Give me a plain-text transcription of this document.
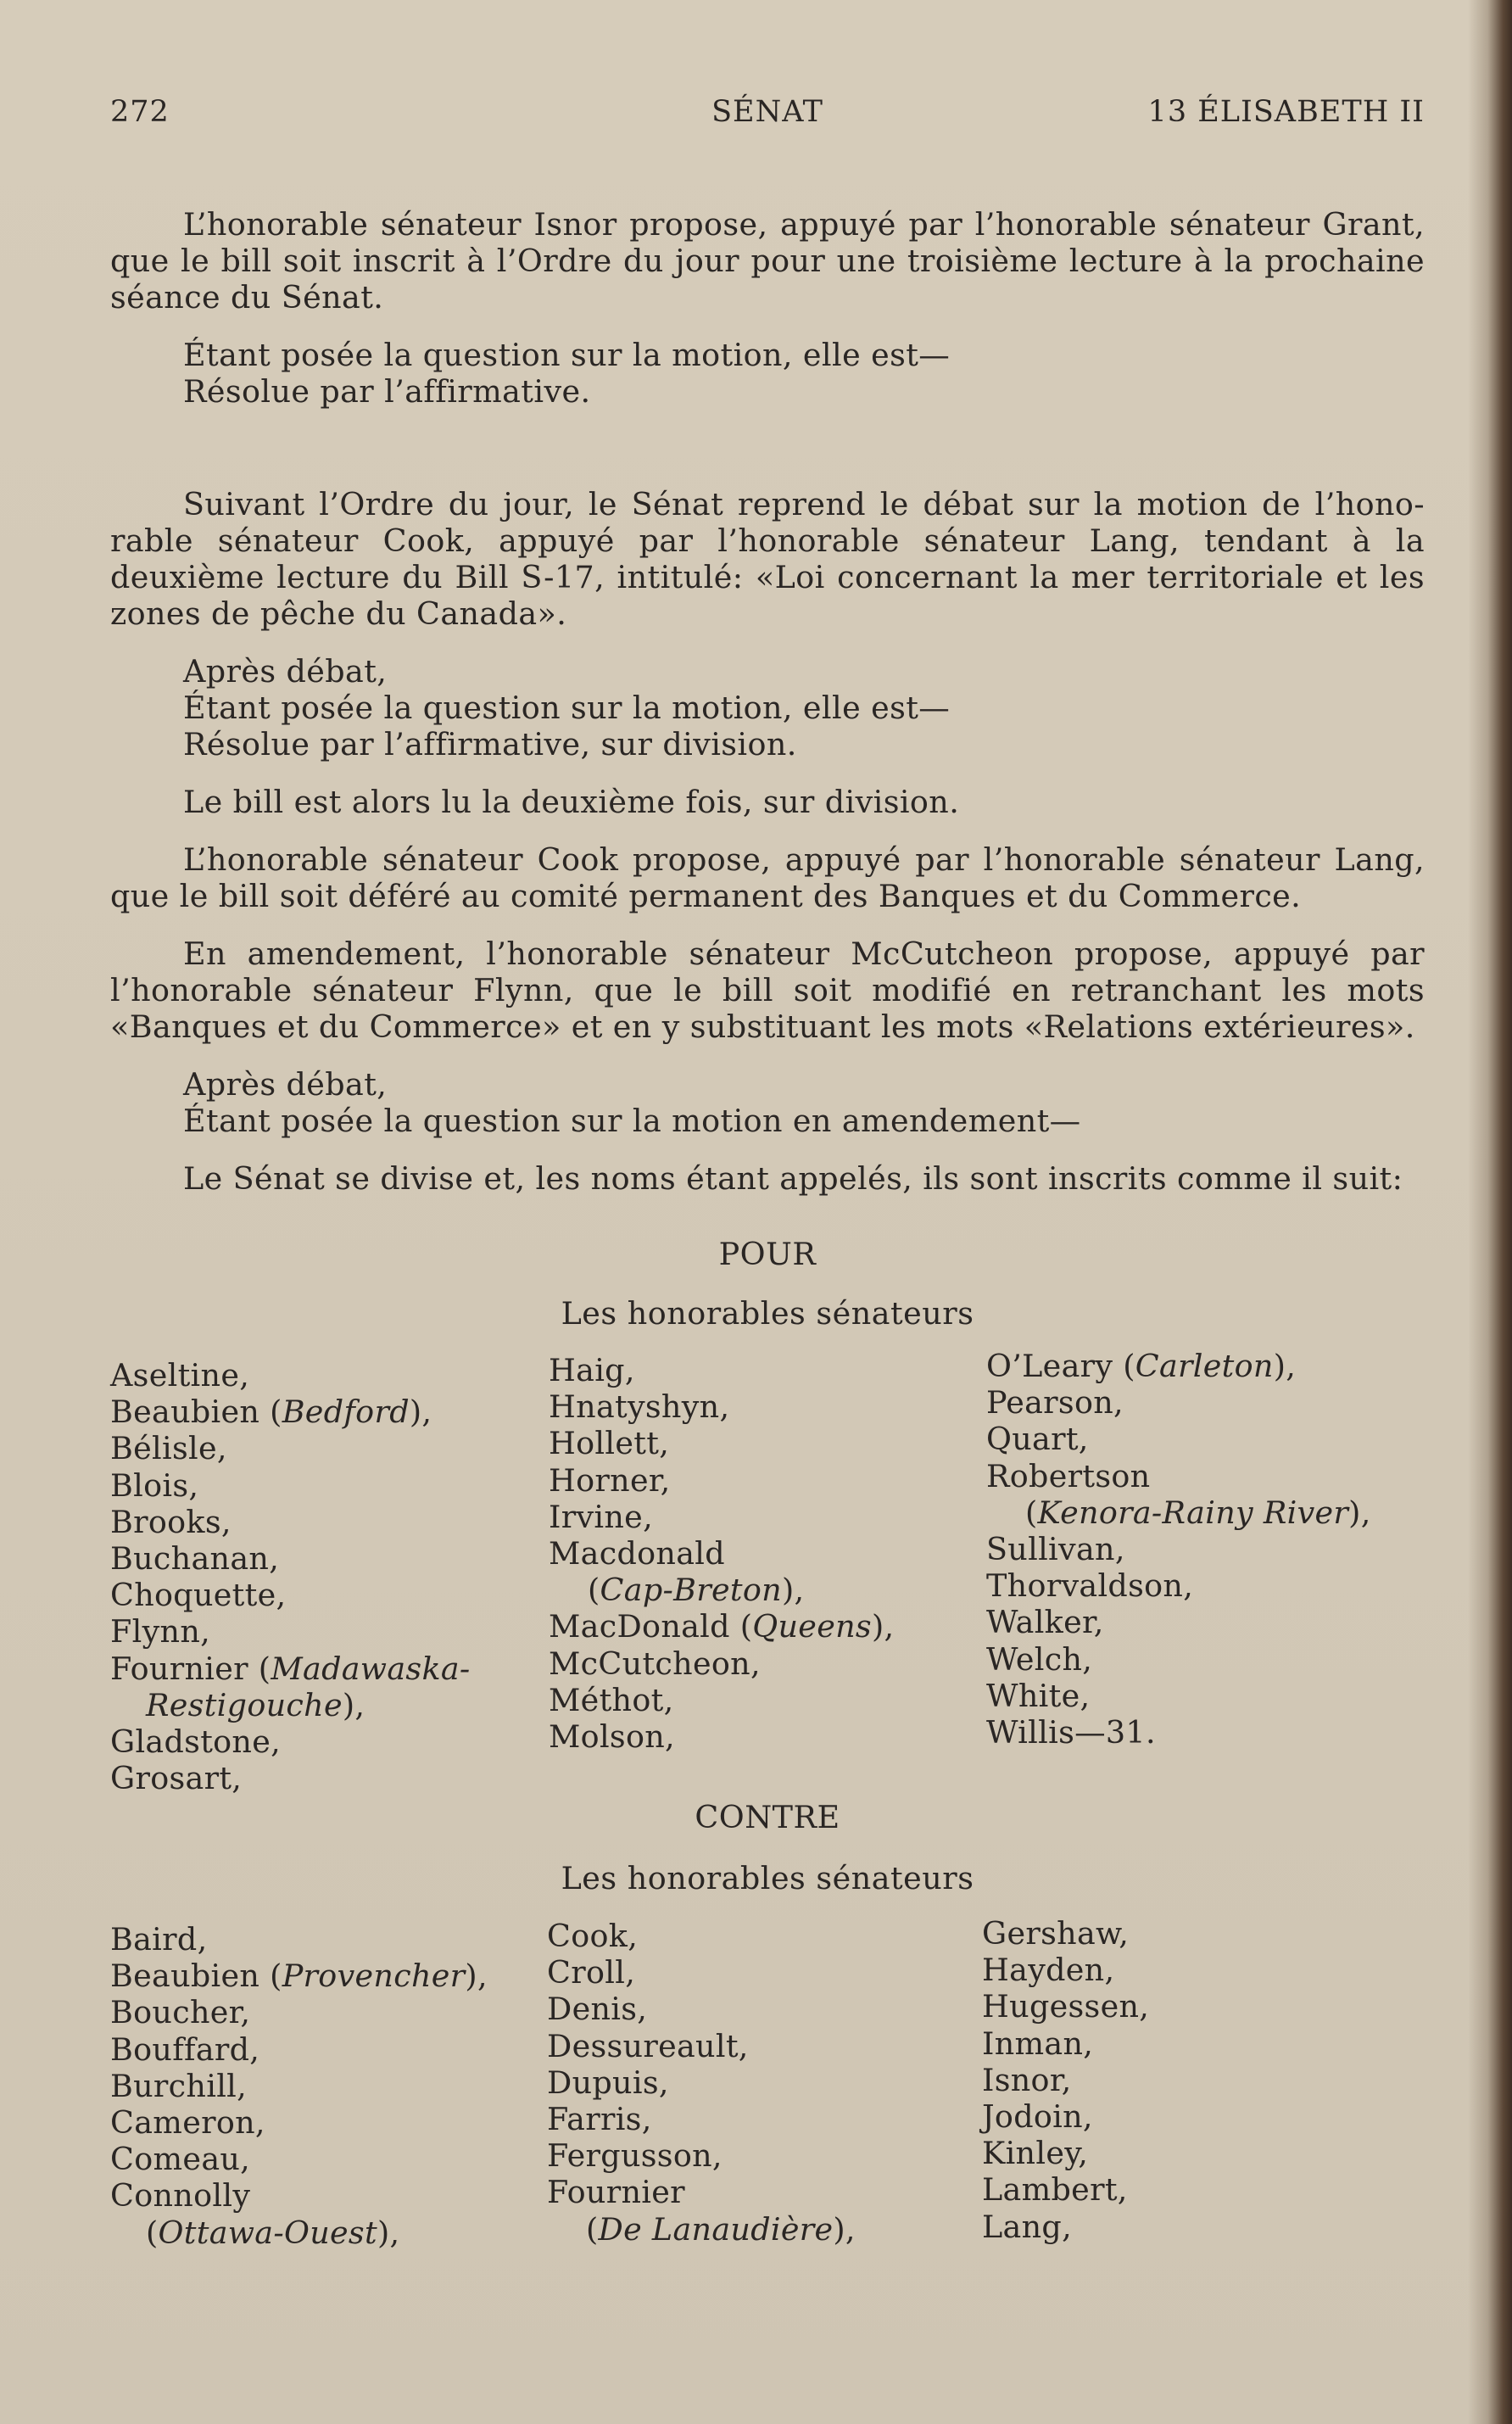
272	SÉNAT	13 ÉLISABETH II

L’honorable sénateur Isnor propose, appuyé par l’honorable sénateur Grant, que le bill soit inscrit à l’Ordre du jour pour une troisième lecture à la prochaine séance du Sénat.

Étant posée la question sur la motion, elle est—

Résolue par l’affirmative.

Suivant l’Ordre du jour, le Sénat reprend le débat sur la motion de l’hono-rable sénateur Cook, appuyé par l’honorable sénateur Lang, tendant à la deuxième lecture du Bill S-17, intitulé: «Loi concernant la mer territoriale et les zones de pêche du Canada».

Après débat,

Étant posée la question sur la motion, elle est—

Résolue par l’affirmative, sur division.

Le bill est alors lu la deuxième fois, sur division.

L’honorable sénateur Cook propose, appuyé par l’honorable sénateur Lang, que le bill soit déféré au comité permanent des Banques et du Commerce.

En amendement, l’honorable sénateur McCutcheon propose, appuyé par l’honorable sénateur Flynn, que le bill soit modifié en retranchant les mots «Banques et du Commerce» et en y substituant les mots «Relations extérieures».

Après débat,

Étant posée la question sur la motion en amendement—

Le Sénat se divise et, les noms étant appelés, ils sont inscrits comme il suit:

POUR
Les honorables sénateurs
Aseltine,
Beaubien (Bedford),
Bélisle,
Blois,
Brooks,
Buchanan,
Choquette,
Flynn,
Fournier (Madawaska-
Restigouche),
Gladstone,
Grosart,
Haig,
Hnatyshyn,
Hollett,
Horner,
Irvine,
Macdonald
(Cap-Breton),
MacDonald (Queens),
McCutcheon,
Méthot,
Molson,
O’Leary (Carleton),
Pearson,
Quart,
Robertson
(Kenora-Rainy River),
Sullivan,
Thorvaldson,
Walker,
Welch,
White,
Willis—31.
CONTRE
Les honorables sénateurs
Baird,
Beaubien (Provencher),
Boucher,
Bouffard,
Burchill,
Cameron,
Comeau,
Connolly
(Ottawa-Ouest),
Cook,
Croll,
Denis,
Dessureault,
Dupuis,
Farris,
Fergusson,
Fournier
(De Lanaudière),
Gershaw,
Hayden,
Hugessen,
Inman,
Isnor,
Jodoin,
Kinley,
Lambert,
Lang,
